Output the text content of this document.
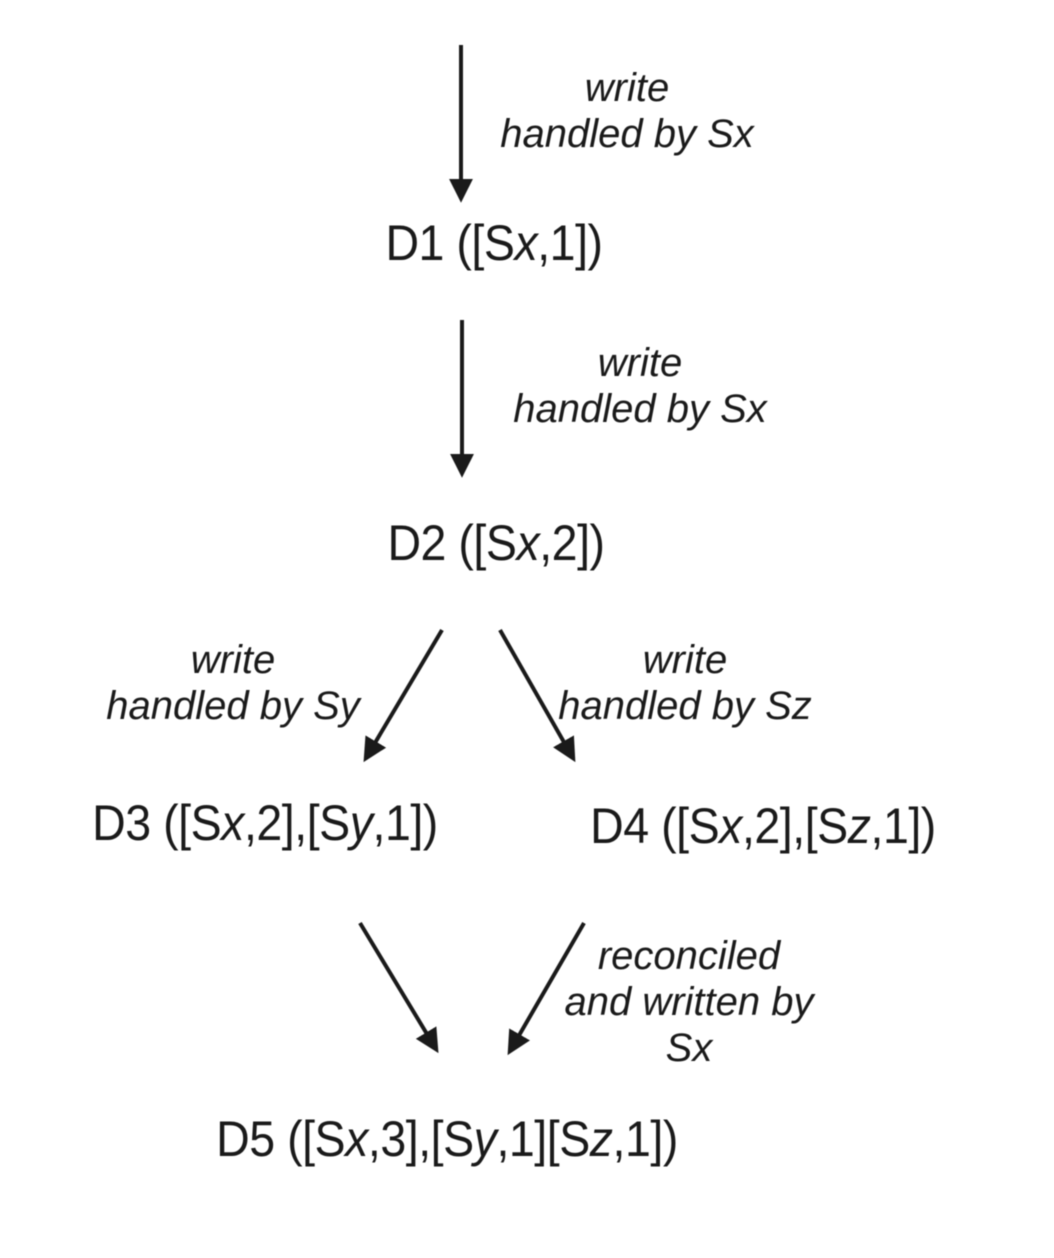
write
handled by Sx
write
handled by Sx
write
handled by Sy
write
handled by Sz
reconciled
and written by
Sx
D1 ([Sx,1])
D2 ([Sx,2])
D3 ([Sx,2],[Sy,1])	D4 ([Sx,2],[Sz,1])
D5 ([Sx,3],[Sy,1][Sz,1])
